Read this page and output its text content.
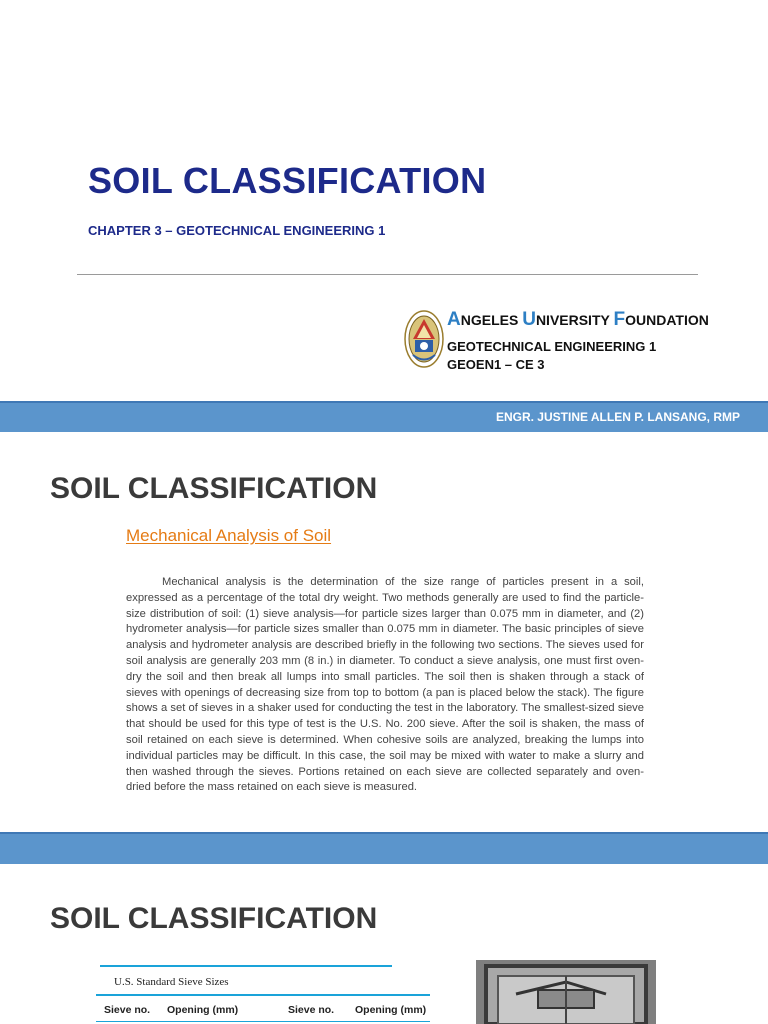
SOIL CLASSIFICATION
CHAPTER 3 – GEOTECHNICAL ENGINEERING 1
ANGELES UNIVERSITY FOUNDATION
GEOTECHNICAL ENGINEERING 1
GEOEN1 – CE 3
ENGR. JUSTINE ALLEN P. LANSANG, RMP
SOIL CLASSIFICATION
Mechanical Analysis of Soil

Mechanical analysis is the determination of the size range of particles present in a soil, expressed as a percentage of the total dry weight. Two methods generally are used to find the particle-size distribution of soil: (1) sieve analysis—for particle sizes larger than 0.075 mm in diameter, and (2) hydrometer analysis—for particle sizes smaller than 0.075 mm in diameter. The basic principles of sieve analysis and hydrometer analysis are described briefly in the following two sections. The sieves used for soil analysis are generally 203 mm (8 in.) in diameter. To conduct a sieve analysis, one must first oven-dry the soil and then break all lumps into small particles. The soil then is shaken through a stack of sieves with openings of decreasing size from top to bottom (a pan is placed below the stack). The figure shows a set of sieves in a shaker used for conducting the test in the laboratory. The smallest-sized sieve that should be used for this type of test is the U.S. No. 200 sieve. After the soil is shaken, the mass of soil retained on each sieve is determined. When cohesive soils are analyzed, breaking the lumps into individual particles may be difficult. In this case, the soil may be mixed with water to make a slurry and then washed through the sieves. Portions retained on each sieve are collected separately and oven-dried before the mass retained on each sieve is measured.

SOIL CLASSIFICATION
U.S. Standard Sieve Sizes
Sieve no. Opening (mm)	Sieve no. Opening (mm)
